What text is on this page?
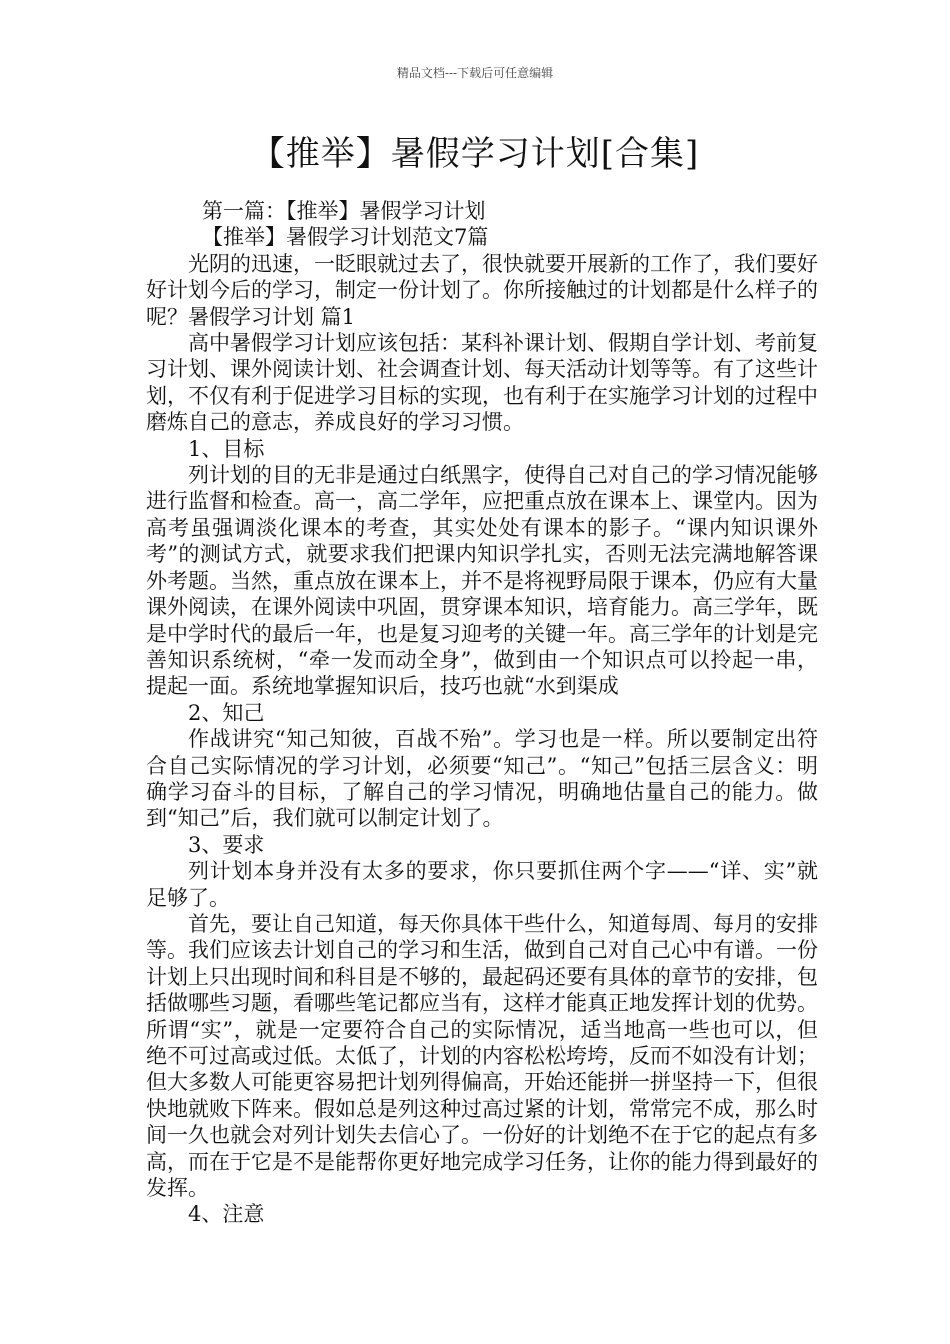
精品文档---下载后可任意编辑
【推举】暑假学习计划[合集]

第一篇：【推举】暑假学习计划

【推举】暑假学习计划范文7篇

光阴的迅速，一眨眼就过去了，很快就要开展新的工作了，我们要好好计划今后的学习，制定一份计划了。你所接触过的计划都是什么样子的呢？暑假学习计划 篇1

高中暑假学习计划应该包括：某科补课计划、假期自学计划、考前复习计划、课外阅读计划、社会调查计划、每天活动计划等等。有了这些计划，不仅有利于促进学习目标的实现，也有利于在实施学习计划的过程中磨炼自己的意志，养成良好的学习习惯。

1、目标

列计划的目的无非是通过白纸黑字，使得自己对自己的学习情况能够进行监督和检查。高一，高二学年，应把重点放在课本上、课堂内。因为高考虽强调淡化课本的考查，其实处处有课本的影子。“课内知识课外考”的测试方式，就要求我们把课内知识学扎实，否则无法完满地解答课外考题。当然，重点放在课本上，并不是将视野局限于课本，仍应有大量课外阅读，在课外阅读中巩固，贯穿课本知识，培育能力。高三学年，既是中学时代的最后一年，也是复习迎考的关键一年。高三学年的计划是完善知识系统树，“牵一发而动全身”，做到由一个知识点可以拎起一串，提起一面。系统地掌握知识后，技巧也就“水到渠成

2、知己

作战讲究“知己知彼，百战不殆”。学习也是一样。所以要制定出符合自己实际情况的学习计划，必须要“知己”。“知己”包括三层含义：明确学习奋斗的目标，了解自己的学习情况，明确地估量自己的能力。做到“知己”后，我们就可以制定计划了。

3、要求

列计划本身并没有太多的要求，你只要抓住两个字——“详、实”就足够了。

首先，要让自己知道，每天你具体干些什么，知道每周、每月的安排等。我们应该去计划自己的学习和生活，做到自己对自己心中有谱。一份计划上只出现时间和科目是不够的，最起码还要有具体的章节的安排，包括做哪些习题，看哪些笔记都应当有，这样才能真正地发挥计划的优势。所谓“实”，就是一定要符合自己的实际情况，适当地高一些也可以，但绝不可过高或过低。太低了，计划的内容松松垮垮，反而不如没有计划；但大多数人可能更容易把计划列得偏高，开始还能拼一拼坚持一下，但很快地就败下阵来。假如总是列这种过高过紧的计划，常常完不成，那么时间一久也就会对列计划失去信心了。一份好的计划绝不在于它的起点有多高，而在于它是不是能帮你更好地完成学习任务，让你的能力得到最好的发挥。

4、注意
